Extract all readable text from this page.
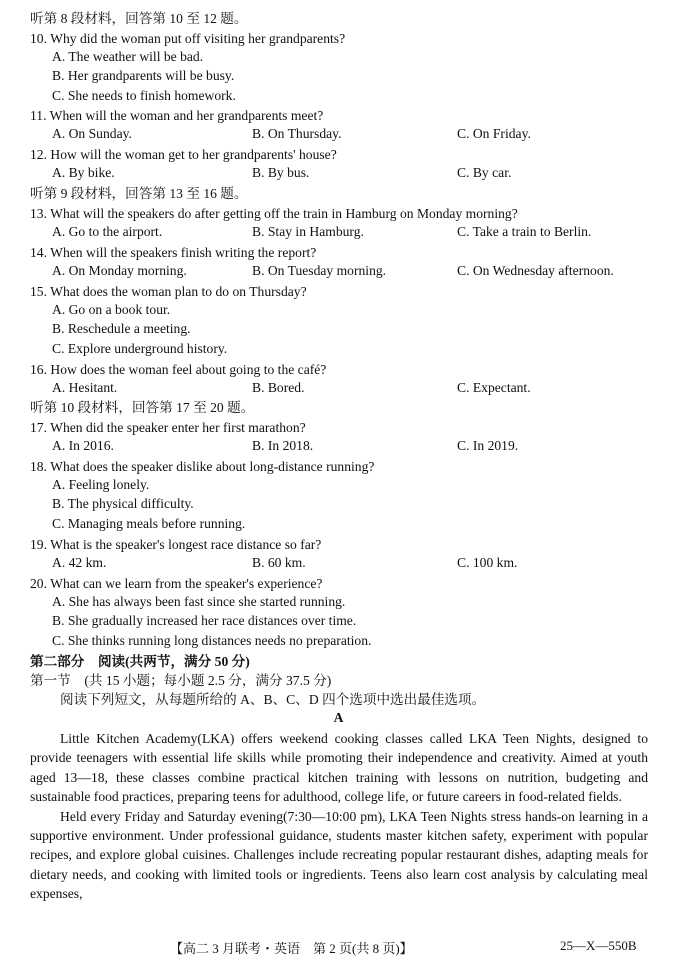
听第 8 段材料，回答第 10 至 12 题。
10. Why did the woman put off visiting her grandparents?
A. The weather will be bad.
B. Her grandparents will be busy.
C. She needs to finish homework.
11. When will the woman and her grandparents meet?
A. On Sunday.	B. On Thursday.	C. On Friday.
12. How will the woman get to her grandparents' house?
A. By bike.	B. By bus.	C. By car.
听第 9 段材料，回答第 13 至 16 题。
13. What will the speakers do after getting off the train in Hamburg on Monday morning?
A. Go to the airport.	B. Stay in Hamburg.	C. Take a train to Berlin.
14. When will the speakers finish writing the report?
A. On Monday morning.	B. On Tuesday morning.	C. On Wednesday afternoon.
15. What does the woman plan to do on Thursday?
A. Go on a book tour.
B. Reschedule a meeting.
C. Explore underground history.
16. How does the woman feel about going to the café?
A. Hesitant.	B. Bored.	C. Expectant.
听第 10 段材料，回答第 17 至 20 题。
17. When did the speaker enter her first marathon?
A. In 2016.	B. In 2018.	C. In 2019.
18. What does the speaker dislike about long-distance running?
A. Feeling lonely.
B. The physical difficulty.
C. Managing meals before running.
19. What is the speaker's longest race distance so far?
A. 42 km.	B. 60 km.	C. 100 km.
20. What can we learn from the speaker's experience?
A. She has always been fast since she started running.
B. She gradually increased her race distances over time.
C. She thinks running long distances needs no preparation.
第二部分　阅读(共两节，满分 50 分)
第一节　(共 15 小题；每小题 2.5 分，满分 37.5 分)
阅读下列短文，从每题所给的 A、B、C、D 四个选项中选出最佳选项。
A

Little Kitchen Academy(LKA) offers weekend cooking classes called LKA Teen Nights, designed to provide teenagers with essential life skills while promoting their independence and creativity. Aimed at youth aged 13—18, these classes combine practical kitchen training with lessons on nutrition, budgeting and sustainable food practices, preparing teens for adulthood, college life, or future careers in food-related fields.

Held every Friday and Saturday evening(7:30—10:00 pm), LKA Teen Nights stress hands-on learning in a supportive environment. Under professional guidance, students master kitchen safety, experiment with popular recipes, and explore global cuisines. Challenges include recreating popular restaurant dishes, adapting meals for dietary needs, and cooking with limited tools or ingredients. Teens also learn cost analysis by calculating meal expenses,

【高二 3 月联考・英语　第 2 页(共 8 页)】	25—X—550B
